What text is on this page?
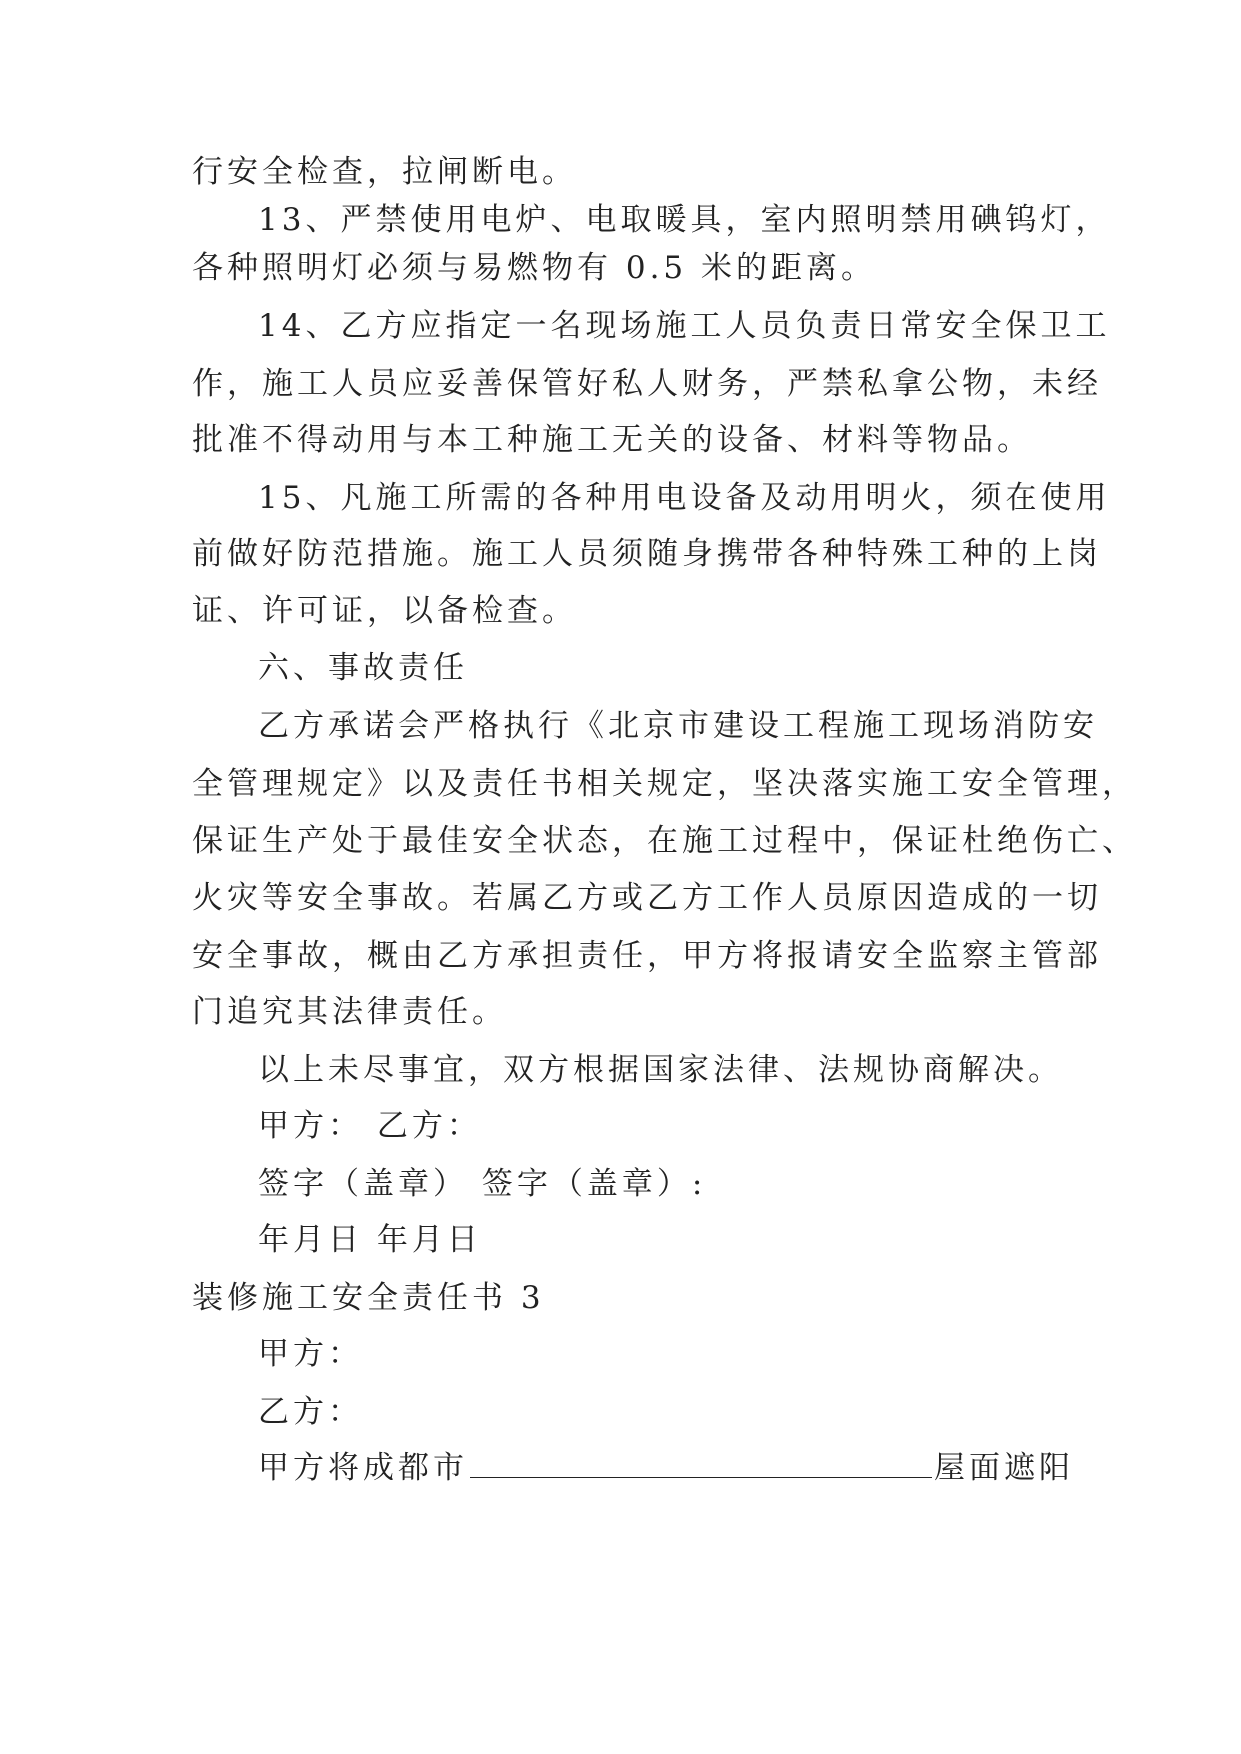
行安全检查，拉闸断电。
13、严禁使用电炉、电取暖具，室内照明禁用碘钨灯，
各种照明灯必须与易燃物有 0.5 米的距离。
14、乙方应指定一名现场施工人员负责日常安全保卫工
作，施工人员应妥善保管好私人财务，严禁私拿公物，未经
批准不得动用与本工种施工无关的设备、材料等物品。
15、凡施工所需的各种用电设备及动用明火，须在使用
前做好防范措施。施工人员须随身携带各种特殊工种的上岗
证、许可证，以备检查。
六、事故责任
乙方承诺会严格执行《北京市建设工程施工现场消防安
全管理规定》以及责任书相关规定，坚决落实施工安全管理，
保证生产处于最佳安全状态，在施工过程中，保证杜绝伤亡、
火灾等安全事故。若属乙方或乙方工作人员原因造成的一切
安全事故，概由乙方承担责任，甲方将报请安全监察主管部
门追究其法律责任。
以上未尽事宜，双方根据国家法律、法规协商解决。
甲方： 乙方：
签字（盖章） 签字（盖章）:
年月日 年月日
装修施工安全责任书 3
甲方：
乙方：
甲方将成都市	屋面遮阳
